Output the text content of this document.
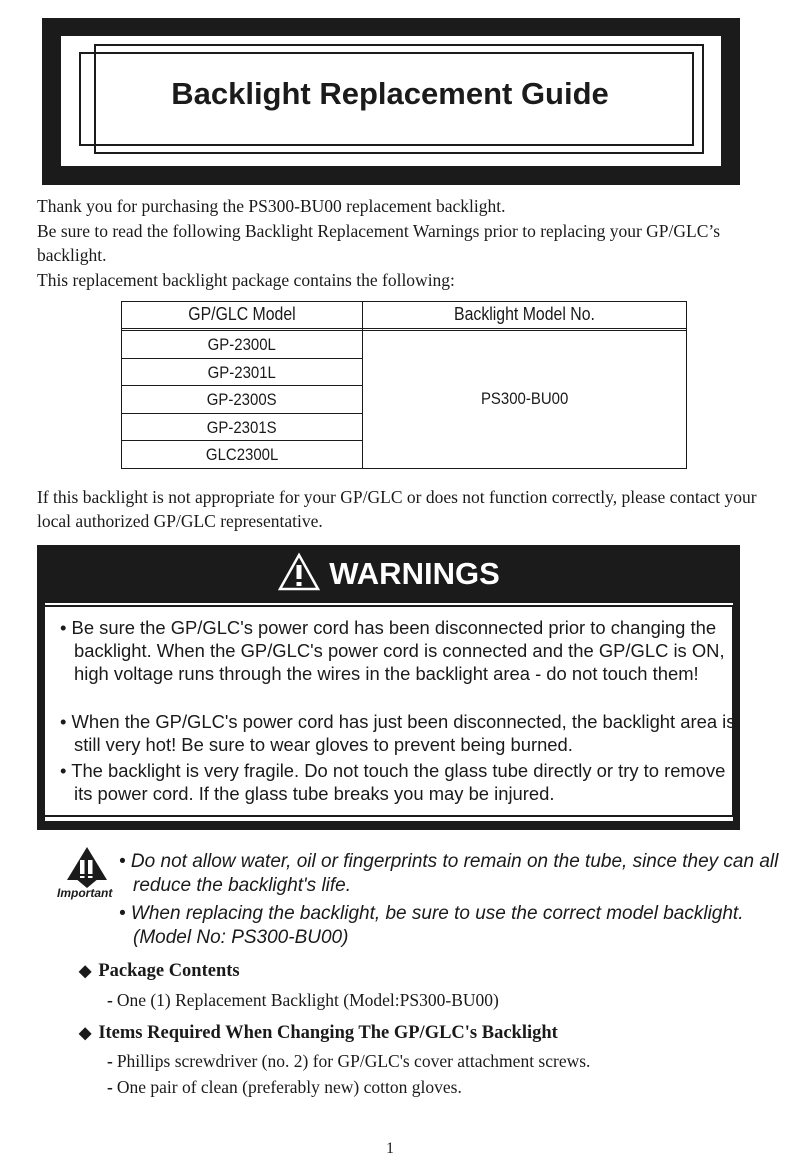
Backlight Replacement Guide
Thank you for purchasing the PS300-BU00 replacement backlight.
Be sure to read the following Backlight Replacement Warnings prior to replacing your GP/GLC’s backlight.
This replacement backlight package contains the following:
GP/GLC Model	Backlight Model No.
GP-2300L
GP-2301L
GP-2300S
GP-2301S
GLC2300L
PS300-BU00
If this backlight is not appropriate for your GP/GLC or does not function correctly, please contact your local authorized GP/GLC representative.
WARNINGS
• Be sure the GP/GLC's power cord has been disconnected prior to changing the backlight. When the GP/GLC's power cord is connected and the GP/GLC is ON, high voltage runs through the wires in the backlight area - do not touch them!
• When the GP/GLC's power cord has just been disconnected, the backlight area is still very hot! Be sure to wear gloves to prevent being burned.
• The backlight is very fragile. Do not touch the glass tube directly or try to remove its power cord. If the glass tube breaks you may be injured.
Important
• Do not allow water, oil or fingerprints to remain on the tube, since they can all reduce the backlight's life.
• When replacing the backlight, be sure to use the correct model backlight. (Model No: PS300-BU00)
◆ Package Contents
- One (1) Replacement Backlight (Model:PS300-BU00)
◆ Items Required When Changing The GP/GLC's Backlight
- Phillips screwdriver (no. 2) for GP/GLC's cover attachment screws.
- One pair of clean (preferably new) cotton gloves.
1
